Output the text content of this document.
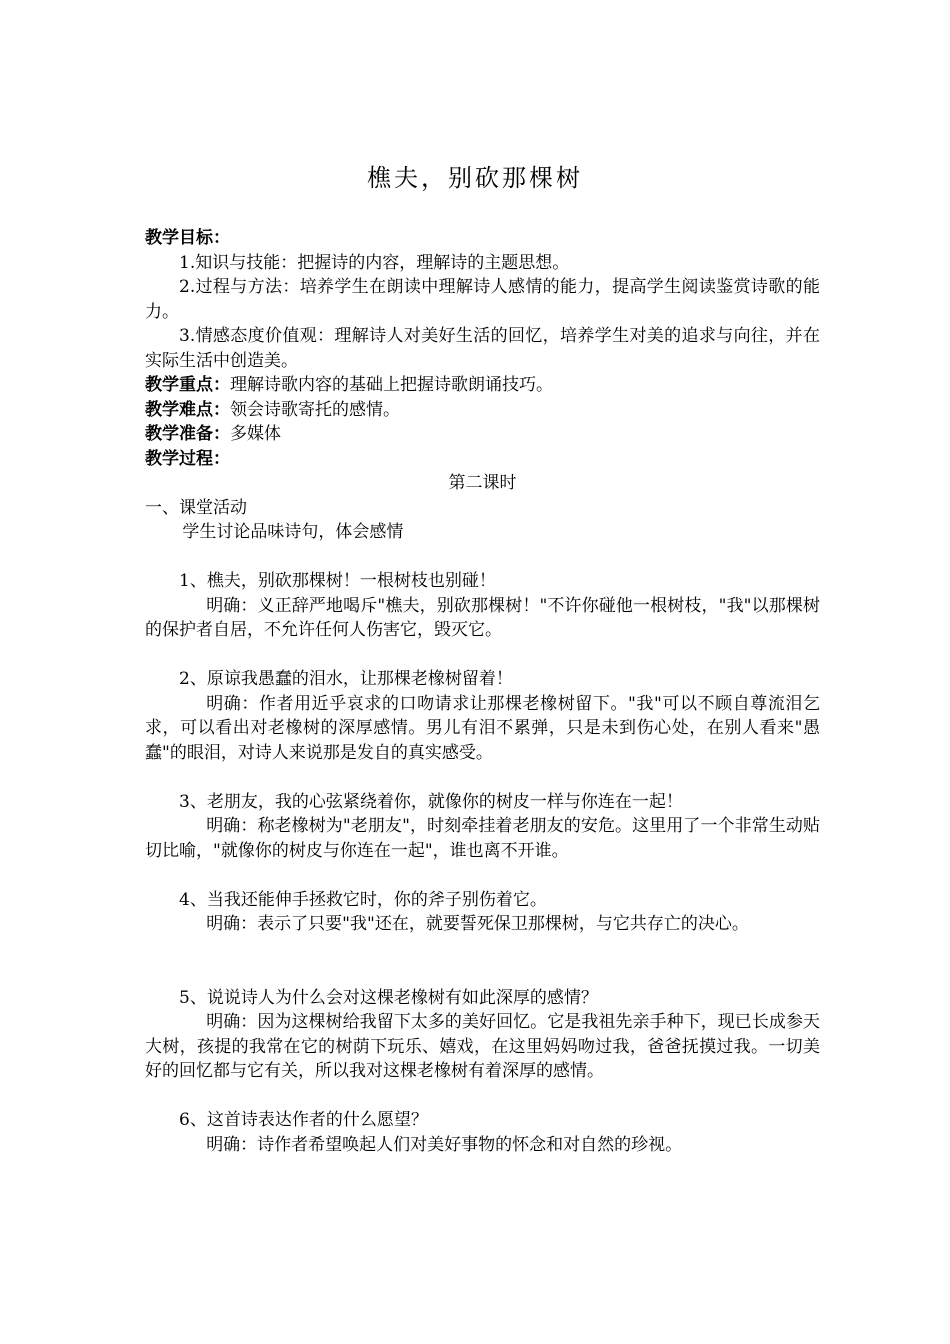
樵夫，别砍那棵树

教学目标：

1.知识与技能：把握诗的内容，理解诗的主题思想。

2.过程与方法：培养学生在朗读中理解诗人感情的能力，提高学生阅读鉴赏诗歌的能力。

3.情感态度价值观：理解诗人对美好生活的回忆，培养学生对美的追求与向往，并在实际生活中创造美。

教学重点：理解诗歌内容的基础上把握诗歌朗诵技巧。

教学难点：领会诗歌寄托的感情。

教学准备：多媒体

教学过程：

第二课时

一、课堂活动

学生讨论品味诗句，体会感情

1、樵夫，别砍那棵树！一根树枝也别碰！

明确：义正辞严地喝斥"樵夫，别砍那棵树！"不许你碰他一根树枝，"我"以那棵树的保护者自居，不允许任何人伤害它，毁灭它。

2、原谅我愚蠢的泪水，让那棵老橡树留着！

明确：作者用近乎哀求的口吻请求让那棵老橡树留下。"我"可以不顾自尊流泪乞求，可以看出对老橡树的深厚感情。男儿有泪不累弹，只是未到伤心处，在别人看来"愚蠢"的眼泪，对诗人来说那是发自的真实感受。

3、老朋友，我的心弦紧绕着你，就像你的树皮一样与你连在一起！

明确：称老橡树为"老朋友"，时刻牵挂着老朋友的安危。这里用了一个非常生动贴切比喻，"就像你的树皮与你连在一起"，谁也离不开谁。

4、当我还能伸手拯救它时，你的斧子别伤着它。

明确：表示了只要"我"还在，就要誓死保卫那棵树，与它共存亡的决心。

5、说说诗人为什么会对这棵老橡树有如此深厚的感情？

明确：因为这棵树给我留下太多的美好回忆。它是我祖先亲手种下，现已长成参天大树，孩提的我常在它的树荫下玩乐、嬉戏，在这里妈妈吻过我，爸爸抚摸过我。一切美好的回忆都与它有关，所以我对这棵老橡树有着深厚的感情。

6、这首诗表达作者的什么愿望？

明确：诗作者希望唤起人们对美好事物的怀念和对自然的珍视。
